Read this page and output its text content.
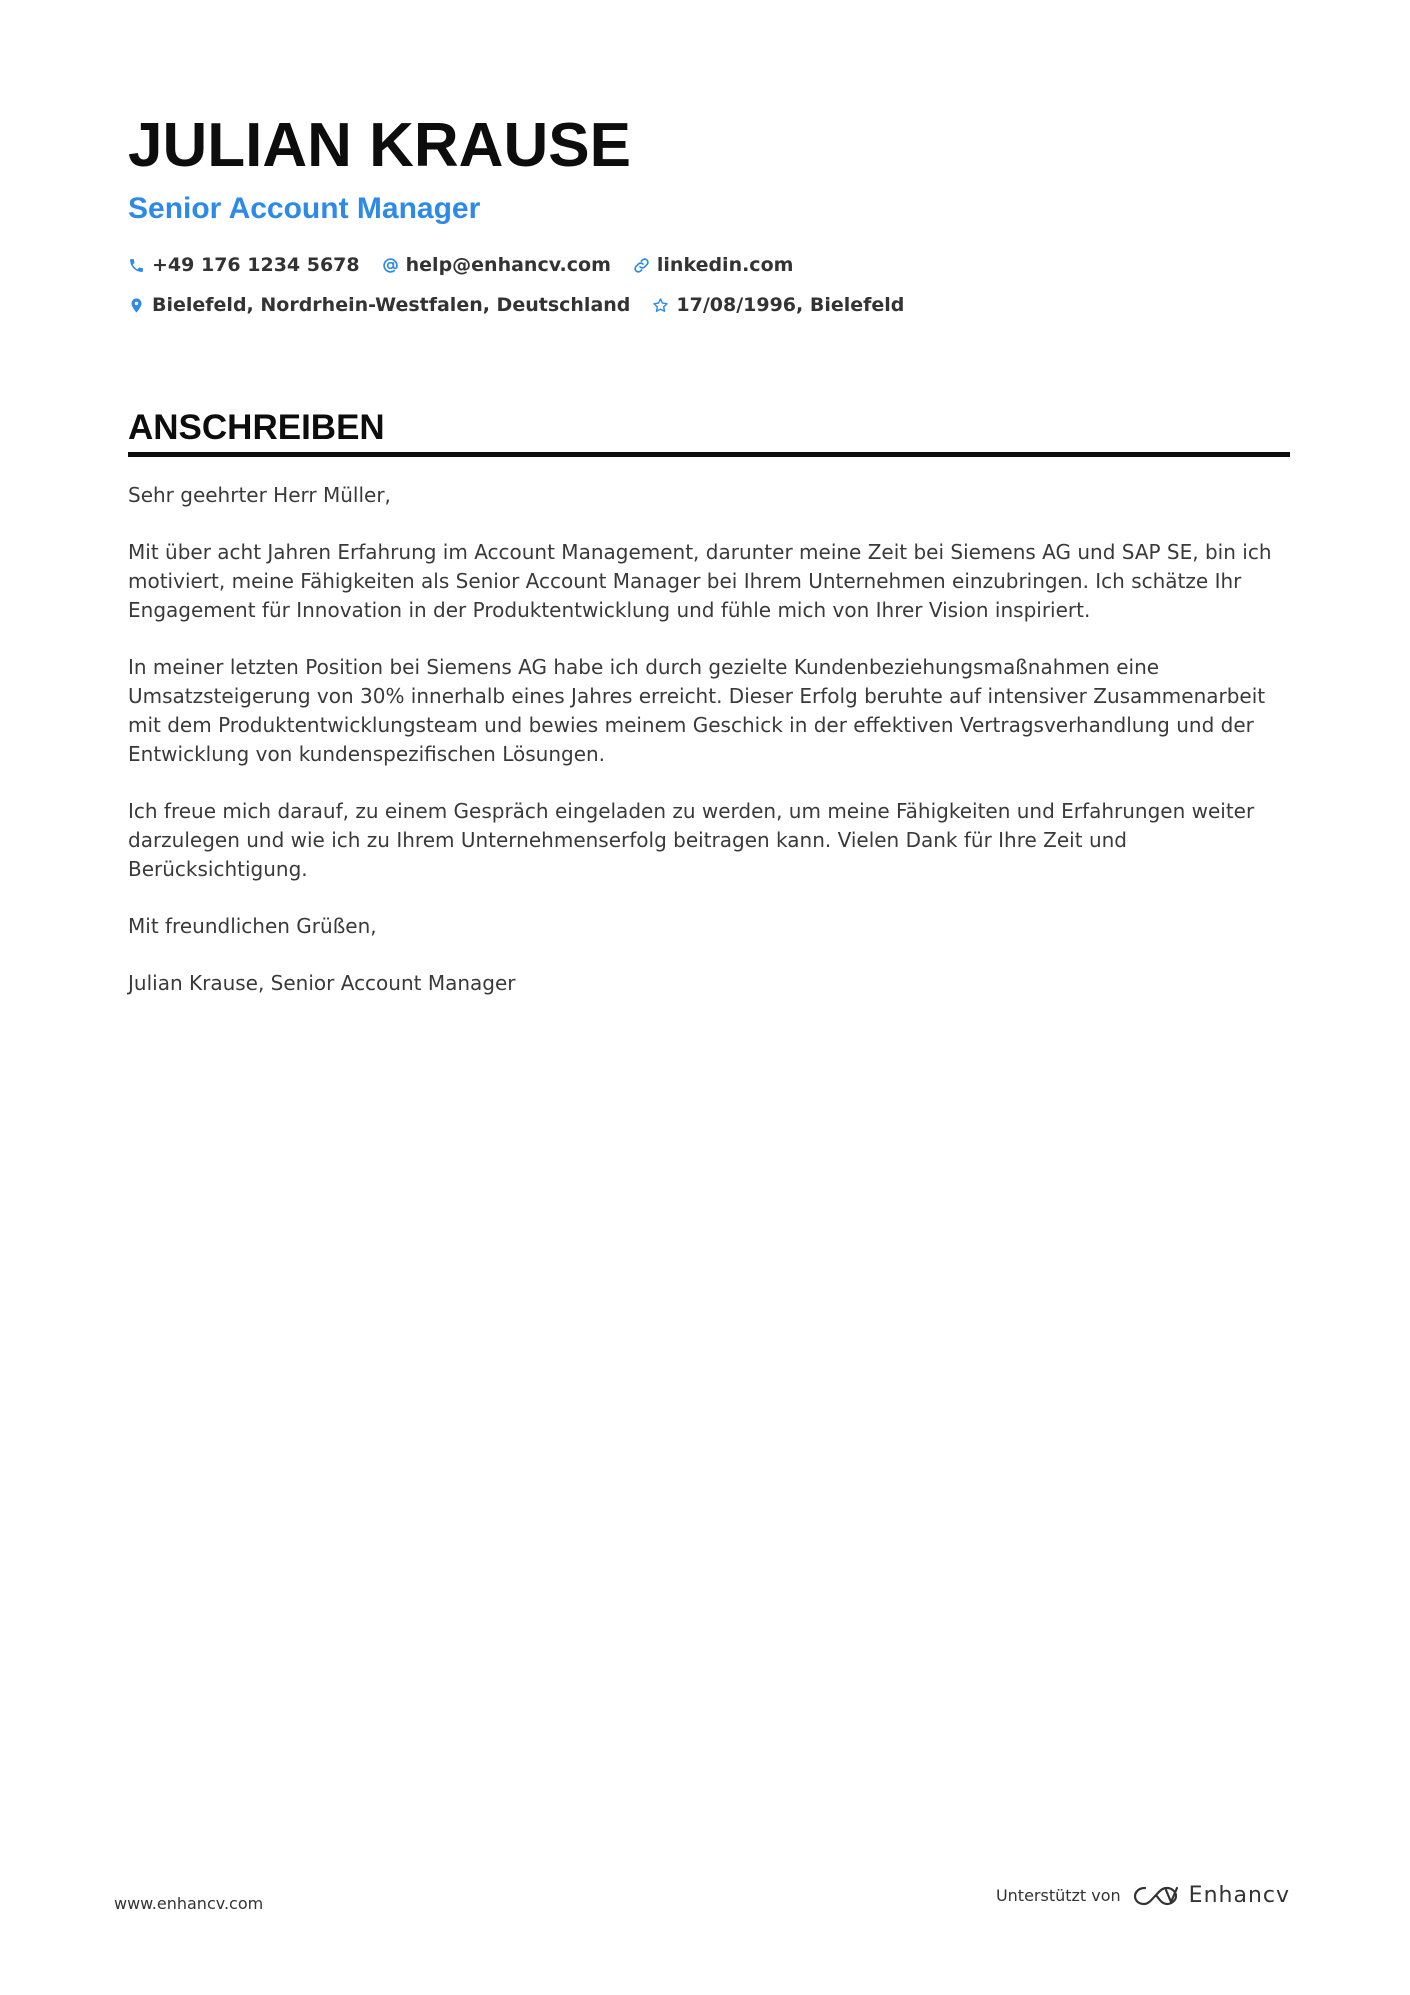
JULIAN KRAUSE
Senior Account Manager
+49 176 1234 5678 help@enhancv.com linkedin.com
Bielefeld, Nordrhein-Westfalen, Deutschland 17/08/1996, Bielefeld
ANSCHREIBEN

Sehr geehrter Herr Müller,

Mit über acht Jahren Erfahrung im Account Management, darunter meine Zeit bei Siemens AG und SAP SE, bin ich motiviert, meine Fähigkeiten als Senior Account Manager bei Ihrem Unternehmen einzubringen. Ich schätze Ihr Engagement für Innovation in der Produktentwicklung und fühle mich von Ihrer Vision inspiriert.

In meiner letzten Position bei Siemens AG habe ich durch gezielte Kundenbeziehungsmaßnahmen eine Umsatzsteigerung von 30% innerhalb eines Jahres erreicht. Dieser Erfolg beruhte auf intensiver Zusammenarbeit mit dem Produktentwicklungsteam und bewies meinem Geschick in der effektiven Vertragsverhandlung und der Entwicklung von kundenspezifischen Lösungen.

Ich freue mich darauf, zu einem Gespräch eingeladen zu werden, um meine Fähigkeiten und Erfahrungen weiter darzulegen und wie ich zu Ihrem Unternehmenserfolg beitragen kann. Vielen Dank für Ihre Zeit und Berücksichtigung.

Mit freundlichen Grüßen,

Julian Krause, Senior Account Manager

www.enhancv.com	Unterstützt von	Enhancv
